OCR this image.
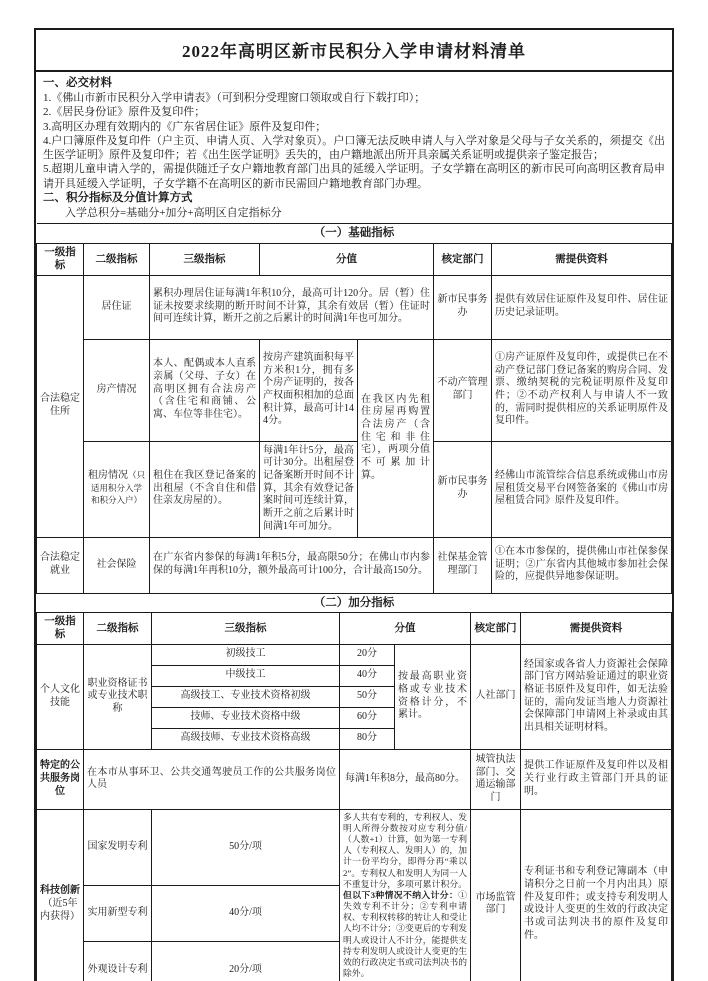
2022年高明区新市民积分入学申请材料清单
一、必交材料
1.《佛山市新市民积分入学申请表》（可到积分受理窗口领取或自行下载打印）；
2.《居民身份证》原件及复印件；
3.高明区办理有效期内的《广东省居住证》原件及复印件；
4.户口簿原件及复印件（户主页、申请人页、入学对象页）。户口簿无法反映申请人与入学对象是父母与子女关系的，须提交《出生医学证明》原件及复印件；若《出生医学证明》丢失的，由户籍地派出所开具亲属关系证明或提供亲子鉴定报告；
5.超期儿童申请入学的，需提供随迁子女户籍地教育部门出具的延缓入学证明。子女学籍在高明区的新市民可向高明区教育局申请开具延缓入学证明，子女学籍不在高明区的新市民需回户籍地教育部门办理。
二、积分指标及分值计算方式
入学总积分=基础分+加分+高明区自定指标分
（一）基础指标						
一级指标	二级指标	三级指标	分值		核定部门	需提供资料
合法稳定住所	居住证	累积办理居住证每满1年积10分，最高可计120分。居（暂）住证未按要求续期的断开时间不计算，其余有效居（暂）住证时间可连续计算，断开之前之后累计的时间满1年也可加分。			新市民事务办	提供有效居住证原件及复印件、居住证历史记录证明。
	房产情况	本人、配偶或本人直系亲属（父母、子女）在高明区拥有合法房产（含住宅和商铺、公寓、车位等非住宅）。	按房产建筑面积每平方米积1分，拥有多个房产证明的，按各产权面积相加的总面积计算，最高可计144分。	在我区内先租住房屋再购置合法房产（含住宅和非住宅），两项分值不可累加计算。	不动产管理部门	①房产证原件及复印件，或提供已在不动产登记部门登记备案的购房合同、发票、缴纳契税的完税证明原件及复印件；②不动产权利人与申请人不一致的，需同时提供相应的关系证明原件及复印件。
	租房情况（只适用积分入学和积分入户）	租住在我区登记备案的出租屋（不含自住和借住亲友房屋的）。	每满1年计5分，最高可计30分。出租屋登记备案断开时间不计算，其余有效登记备案时间可连续计算，断开之前之后累计时间满1年可加分。		新市民事务办	经佛山市流管综合信息系统或佛山市房屋租赁交易平台网签备案的《佛山市房屋租赁合同》原件及复印件。
合法稳定就业	社会保险	在广东省内参保的每满1年积5分，最高限50分；在佛山市内参保的每满1年再积10分，额外最高可计100分，合计最高150分。			社保基金管理部门	①在本市参保的，提供佛山市社保参保证明；②广东省内其他城市参加社会保险的，应提供异地参保证明。
（二）加分指标						
一级指标	二级指标	三级指标	分值		核定部门	需提供资料
个人文化技能	职业资格证书或专业技术职称	初级技工	20分	按最高职业资格或专业技术资格计分，不累计。	人社部门	经国家或各省人力资源社会保障部门官方网站验证通过的职业资格证书原件及复印件，如无法验证的，需向发证当地人力资源社会保障部门申请网上补录或由其出具相关证明材料。
		中级技工	40分			
		高级技工、专业技术资格初级	50分			
		技师、专业技术资格中级	60分			
		高级技师、专业技术资格高级	80分			
特定的公共服务岗位	在本市从事环卫、公共交通驾驶员工作的公共服务岗位人员		每满1年积8分，最高80分。		城管执法部门、交通运输部门	提供工作证原件及复印件以及相关行业行政主管部门开具的证明。
科技创新（近5年内获得）	国家发明专利	50分/项	多人共有专利的，专利权人、发明人所得分数按对应专利分值/（人数+1）计算，如为第一专利人（专利权人、发明人）的，加计一份平均分，即得分再“乘以2”。专利权人和发明人为同一人不重复计分，多项可累计积分。但以下3种情况不纳入计分：①失效专利不计分；②专利申请权、专利权转移的转让人和受让人均不计分；③变更后的专利发明人或设计人不计分，能提供支持专利发明人或设计人变更的生效的行政决定书或司法判决书的除外。		市场监管部门	专利证书和专利登记簿副本（申请积分之日前一个月内出具）原件及复印件；或支持专利发明人或设计人变更的生效的行政决定书或司法判决书的原件及复印件。
	实用新型专利	40分/项				
	外观设计专利	20分/项				
